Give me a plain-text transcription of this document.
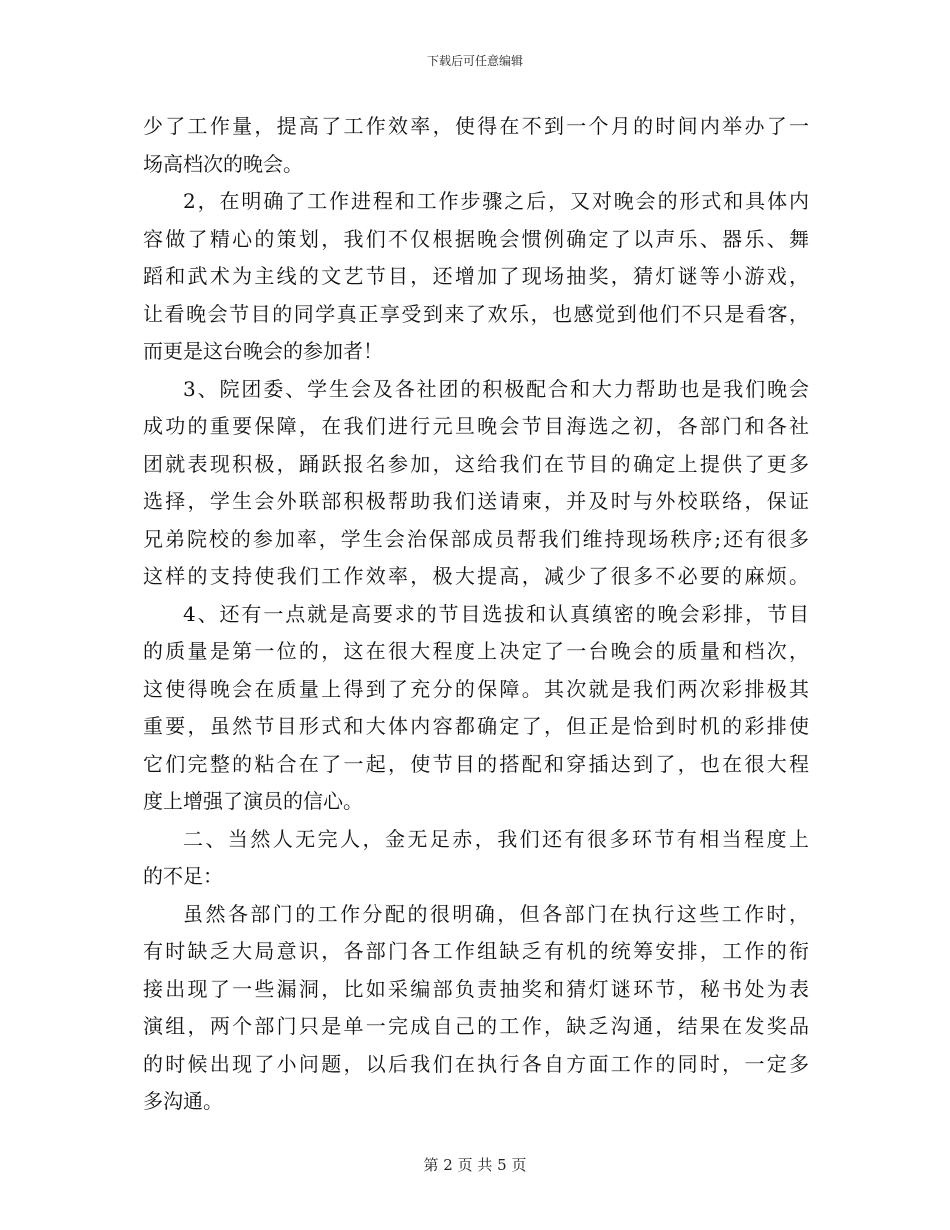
下载后可任意编辑
少了工作量，提高了工作效率，使得在不到一个月的时间内举办了一
场高档次的晚会。
2，在明确了工作进程和工作步骤之后，又对晚会的形式和具体内
容做了精心的策划，我们不仅根据晚会惯例确定了以声乐、器乐、舞
蹈和武术为主线的文艺节目，还增加了现场抽奖，猜灯谜等小游戏，
让看晚会节目的同学真正享受到来了欢乐，也感觉到他们不只是看客，
而更是这台晚会的参加者！
3、院团委、学生会及各社团的积极配合和大力帮助也是我们晚会
成功的重要保障，在我们进行元旦晚会节目海选之初，各部门和各社
团就表现积极，踊跃报名参加，这给我们在节目的确定上提供了更多
选择，学生会外联部积极帮助我们送请柬，并及时与外校联络，保证
兄弟院校的参加率，学生会治保部成员帮我们维持现场秩序;还有很多
这样的支持使我们工作效率，极大提高，减少了很多不必要的麻烦。
4、还有一点就是高要求的节目选拔和认真缜密的晚会彩排，节目
的质量是第一位的，这在很大程度上决定了一台晚会的质量和档次，
这使得晚会在质量上得到了充分的保障。其次就是我们两次彩排极其
重要，虽然节目形式和大体内容都确定了，但正是恰到时机的彩排使
它们完整的粘合在了一起，使节目的搭配和穿插达到了，也在很大程
度上增强了演员的信心。
二、当然人无完人，金无足赤，我们还有很多环节有相当程度上
的不足：
虽然各部门的工作分配的很明确，但各部门在执行这些工作时，
有时缺乏大局意识，各部门各工作组缺乏有机的统筹安排，工作的衔
接出现了一些漏洞，比如采编部负责抽奖和猜灯谜环节，秘书处为表
演组，两个部门只是单一完成自己的工作，缺乏沟通，结果在发奖品
的时候出现了小问题，以后我们在执行各自方面工作的同时，一定多
多沟通。
第 2 页 共 5 页
